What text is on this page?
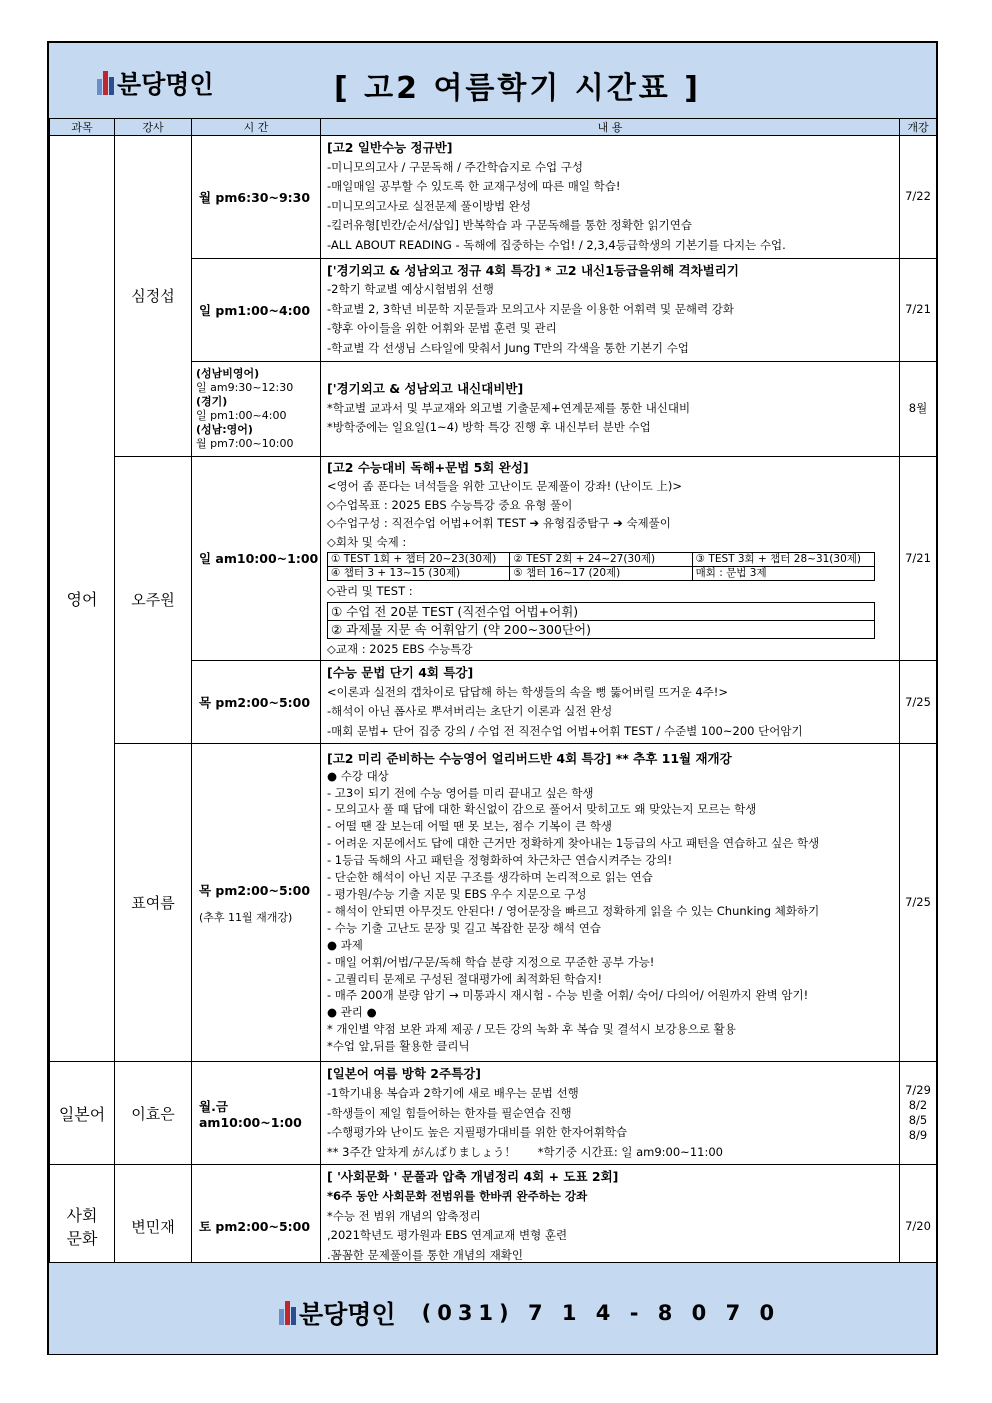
분당명인	[ 고2 여름학기 시간표 ]
과목	강사	시 간	내 용	개강
영어	심정섭	월 pm6:30~9:30	
[고2 일반수능 정규반]
-미니모의고사 / 구문독해 / 주간학습지로 수업 구성
-매일매일 공부할 수 있도록 한 교재구성에 따른 매일 학습!
-미니모의고사로 실전문제 풀이방법 완성
-킬러유형[빈칸/순서/삽입] 반복학습 과 구문독해를 통한 정확한 읽기연습
-ALL ABOUT READING - 독해에 집중하는 수업! / 2,3,4등급학생의 기본기를 다지는 수업.
	7/22
일 pm1:00~4:00	
['경기외고 & 성남외고 정규 4회 특강] * 고2 내신1등급을위해 격차벌리기
-2학기 학교별 예상시험범위 선행
-학교별 2, 3학년 비문학 지문들과 모의고사 지문을 이용한 어휘력 및 문해력 강화
-향후 아이들을 위한 어휘와 문법 훈련 및 관리
-학교별 각 선생님 스타일에 맞춰서 Jung T만의 각색을 통한 기본기 수업
	7/21

(성남비영어)
일 am9:30~12:30
(경기)
일 pm1:00~4:00
(성남:영어)
월 pm7:00~10:00

['경기외고 & 성남외고 내신대비반]
*학교별 교과서 및 부교재와 외고별 기출문제+연계문제를 통한 내신대비
*방학중에는 일요일(1~4) 방학 특강 진행 후 내신부터 분반 수업
	8월
오주원	일 am10:00~1:00	
[고2 수능대비 독해+문법 5회 완성]
<영어 좀 푼다는 녀석들을 위한 고난이도 문제풀이 강좌! (난이도 上)>
◇수업목표 : 2025 EBS 수능특강 중요 유형 풀이
◇수업구성 : 직전수업 어법+어휘 TEST ➔ 유형집중탐구 ➔ 숙제풀이
◇회차 및 숙제 :
① TEST 1회 + 챕터 20~23(30제)	② TEST 2회 + 24~27(30제)	③ TEST 3회 + 챕터 28~31(30제)
④ 챕터 3 + 13~15 (30제)	⑤ 챕터 16~17 (20제)	매회 : 문법 3제
◇관리 및 TEST :
① 수업 전 20분 TEST (직전수업 어법+어휘)
② 과제물 지문 속 어휘암기 (약 200~300단어)
◇교재 : 2025 EBS 수능특강
	7/21
목 pm2:00~5:00	
[수능 문법 단기 4회 특강]
<이론과 실전의 갭차이로 답답해 하는 학생들의 속을 뻥 뚫어버릴 뜨거운 4주!>
-해석이 아닌 폼사로 뿌셔버리는 초단기 이론과 실전 완성
-매회 문법+ 단어 집중 강의 / 수업 전 직전수업 어법+어휘 TEST / 수준별 100~200 단어암기
	7/25
표여름	목 pm2:00~5:00
(추후 11월 재개강)

[고2 미리 준비하는 수능영어 얼리버드반 4회 특강] ** 추후 11월 재개강
● 수강 대상
- 고3이 되기 전에 수능 영어를 미리 끝내고 싶은 학생
- 모의고사 풀 때 답에 대한 확신없이 감으로 풀어서 맞히고도 왜 맞았는지 모르는 학생
- 어떨 땐 잘 보는데 어떨 땐 못 보는, 점수 기복이 큰 학생
- 어려운 지문에서도 답에 대한 근거만 정확하게 찾아내는 1등급의 사고 패턴을 연습하고 싶은 학생
- 1등급 독해의 사고 패턴을 정형화하여 차근차근 연습시켜주는 강의!
- 단순한 해석이 아닌 지문 구조를 생각하며 논리적으로 읽는 연습
- 평가원/수능 기출 지문 및 EBS 우수 지문으로 구성
- 해석이 안되면 아무것도 안된다! / 영어문장을 빠르고 정확하게 읽을 수 있는 Chunking 체화하기
- 수능 기출 고난도 문장 및 길고 복잡한 문장 해석 연습
● 과제
- 매일 어휘/어법/구문/독해 학습 분량 지정으로 꾸준한 공부 가능!
- 고퀄리티 문제로 구성된 절대평가에 최적화된 학습지!
- 매주 200개 분량 암기 → 미통과시 재시험 - 수능 빈출 어휘/ 숙어/ 다의어/ 어원까지 완벽 암기!
● 관리 ●
* 개인별 약점 보완 과제 제공 / 모든 강의 녹화 후 복습 및 결석시 보강용으로 활용
*수업 앞,뒤를 활용한 클리닉
	7/25
일본어	이효은	월.금
am10:00~1:00

[일본어 여름 방학 2주특강]
-1학기내용 복습과 2학기에 새로 배우는 문법 선행
-학생들이 제일 힘들어하는 한자를 필순연습 진행
-수행평가와 난이도 높은 지필평가대비를 위한 한자어휘학습
** 3주간 알차게 がんばりましょう！      *학기중 시간표: 일 am9:00~11:00
	7/29
8/2
8/5
8/9
사회
문화	변민재	토 pm2:00~5:00	
[ '사회문화 ' 문풀과 압축 개념정리 4회 + 도표 2회]
*6주 동안 사회문화 전범위를 한바퀴 완주하는 강좌
*수능 전 범위 개념의 압축정리
,2021학년도 평가원과 EBS 연계교재 변형 훈련
.꼼꼼한 문제풀이를 통한 개념의 재확인
	7/20
분당명인 (031) 7 1 4 - 8 0 7 0
